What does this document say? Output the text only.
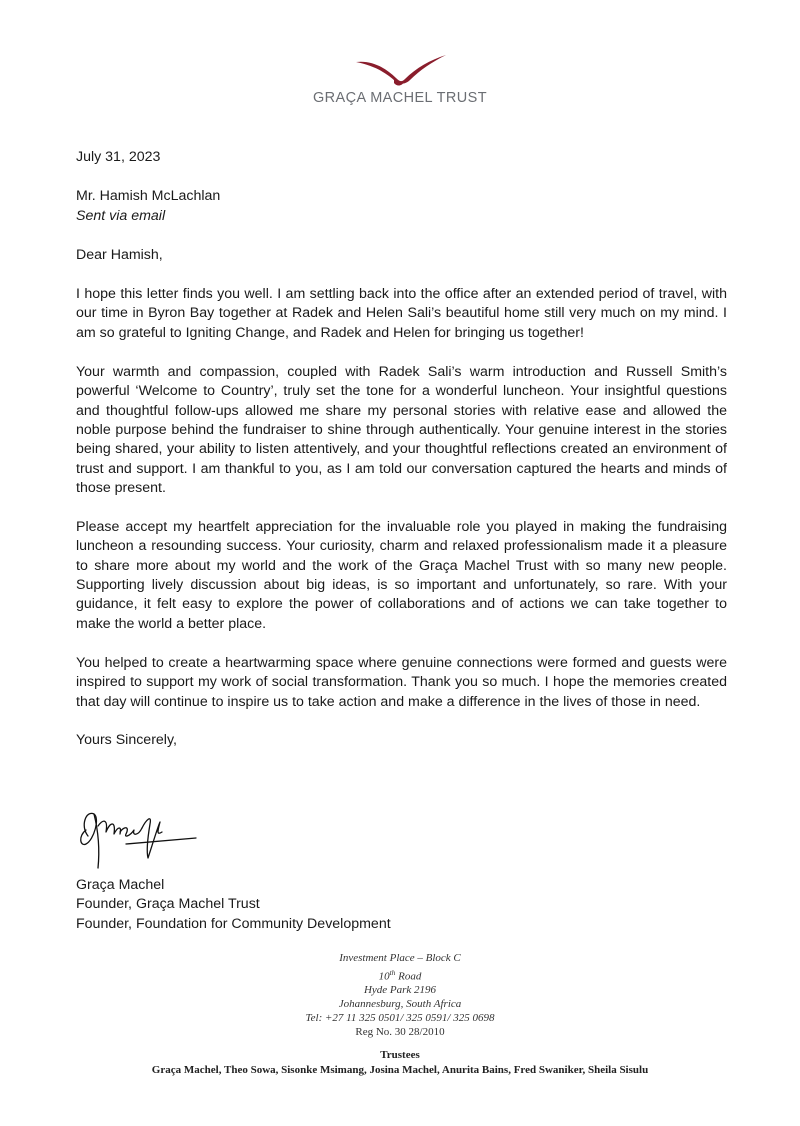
GRAÇA MACHEL TRUST

July 31, 2023

Mr. Hamish McLachlan
Sent via email

Dear Hamish,

I hope this letter finds you well. I am settling back into the office after an extended period of travel, with our time in Byron Bay together at Radek and Helen Sali’s beautiful home still very much on my mind. I am so grateful to Igniting Change, and Radek and Helen for bringing us together!

Your warmth and compassion, coupled with Radek Sali’s warm introduction and Russell Smith’s powerful ‘Welcome to Country’, truly set the tone for a wonderful luncheon. Your insightful questions and thoughtful follow-ups allowed me share my personal stories with relative ease and allowed the noble purpose behind the fundraiser to shine through authentically. Your genuine interest in the stories being shared, your ability to listen attentively, and your thoughtful reflections created an environment of trust and support. I am thankful to you, as I am told our conversation captured the hearts and minds of those present.

Please accept my heartfelt appreciation for the invaluable role you played in making the fundraising luncheon a resounding success. Your curiosity, charm and relaxed professionalism made it a pleasure to share more about my world and the work of the Graça Machel Trust with so many new people. Supporting lively discussion about big ideas, is so important and unfortunately, so rare. With your guidance, it felt easy to explore the power of collaborations and of actions we can take together to make the world a better place.

You helped to create a heartwarming space where genuine connections were formed and guests were inspired to support my work of social transformation. Thank you so much. I hope the memories created that day will continue to inspire us to take action and make a difference in the lives of those in need.

Yours Sincerely,

Graça Machel
Founder, Graça Machel Trust
Founder, Foundation for Community Development
Investment Place – Block C
10th Road
Hyde Park 2196
Johannesburg, South Africa
Tel: +27 11 325 0501/ 325 0591/ 325 0698
Reg No. 30 28/2010
Trustees
Graça Machel, Theo Sowa, Sisonke Msimang, Josina Machel, Anurita Bains, Fred Swaniker, Sheila Sisulu
